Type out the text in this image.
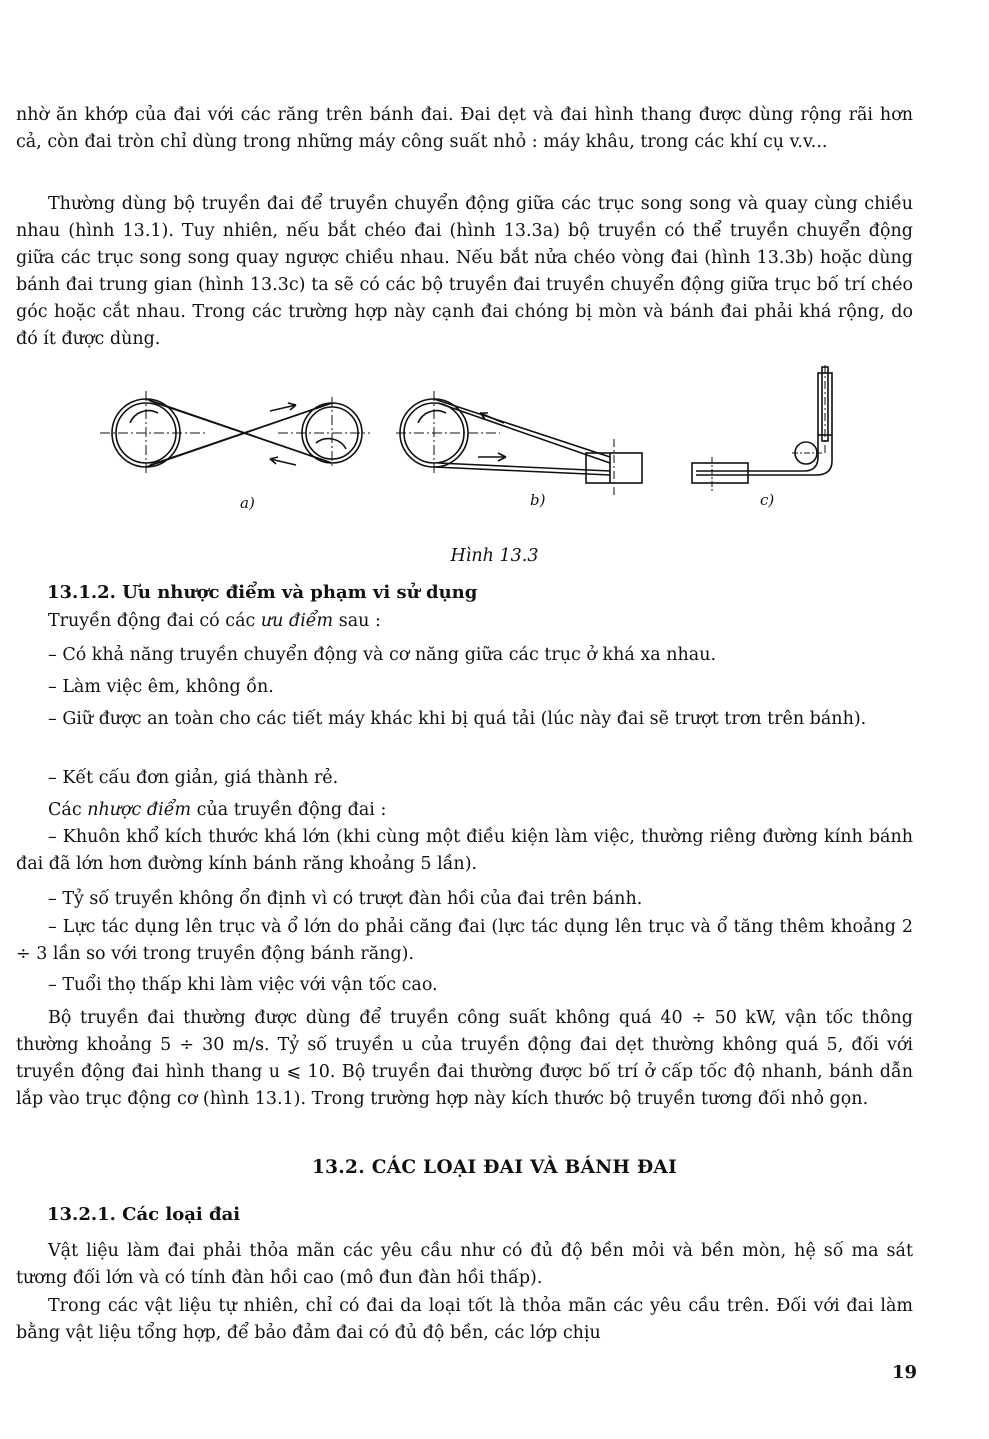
nhờ ăn khớp của đai với các răng trên bánh đai. Đai dẹt và đai hình thang được dùng rộng rãi hơn cả, còn đai tròn chỉ dùng trong những máy công suất nhỏ : máy khâu, trong các khí cụ v.v...

Thường dùng bộ truyền đai để truyền chuyển động giữa các trục song song và quay cùng chiều nhau (hình 13.1). Tuy nhiên, nếu bắt chéo đai (hình 13.3a) bộ truyền có thể truyền chuyển động giữa các trục song song quay ngược chiều nhau. Nếu bắt nửa chéo vòng đai (hình 13.3b) hoặc dùng bánh đai trung gian (hình 13.3c) ta sẽ có các bộ truyền đai truyền chuyển động giữa trục bố trí chéo góc hoặc cắt nhau. Trong các trường hợp này cạnh đai chóng bị mòn và bánh đai phải khá rộng, do đó ít được dùng.

a)	b)	c)
Hình 13.3
13.1.2. Ưu nhược điểm và phạm vi sử dụng

Truyền động đai có các ưu điểm sau :

– Có khả năng truyền chuyển động và cơ năng giữa các trục ở khá xa nhau.

– Làm việc êm, không ồn.

– Giữ được an toàn cho các tiết máy khác khi bị quá tải (lúc này đai sẽ trượt trơn trên bánh).

– Kết cấu đơn giản, giá thành rẻ.

Các nhược điểm của truyền động đai :

– Khuôn khổ kích thước khá lớn (khi cùng một điều kiện làm việc, thường riêng đường kính bánh đai đã lớn hơn đường kính bánh răng khoảng 5 lần).

– Tỷ số truyền không ổn định vì có trượt đàn hồi của đai trên bánh.

– Lực tác dụng lên trục và ổ lớn do phải căng đai (lực tác dụng lên trục và ổ tăng thêm khoảng 2 ÷ 3 lần so với trong truyền động bánh răng).

– Tuổi thọ thấp khi làm việc với vận tốc cao.

Bộ truyền đai thường được dùng để truyền công suất không quá 40 ÷ 50 kW, vận tốc thông thường khoảng 5 ÷ 30 m/s. Tỷ số truyền u của truyền động đai dẹt thường không quá 5, đối với truyền động đai hình thang u ⩽ 10. Bộ truyền đai thường được bố trí ở cấp tốc độ nhanh, bánh dẫn lắp vào trục động cơ (hình 13.1). Trong trường hợp này kích thước bộ truyền tương đối nhỏ gọn.

13.2. CÁC LOẠI ĐAI VÀ BÁNH ĐAI
13.2.1. Các loại đai

Vật liệu làm đai phải thỏa mãn các yêu cầu như có đủ độ bền mỏi và bền mòn, hệ số ma sát tương đối lớn và có tính đàn hồi cao (mô đun đàn hồi thấp).

Trong các vật liệu tự nhiên, chỉ có đai da loại tốt là thỏa mãn các yêu cầu trên. Đối với đai làm bằng vật liệu tổng hợp, để bảo đảm đai có đủ độ bền, các lớp chịu

19
